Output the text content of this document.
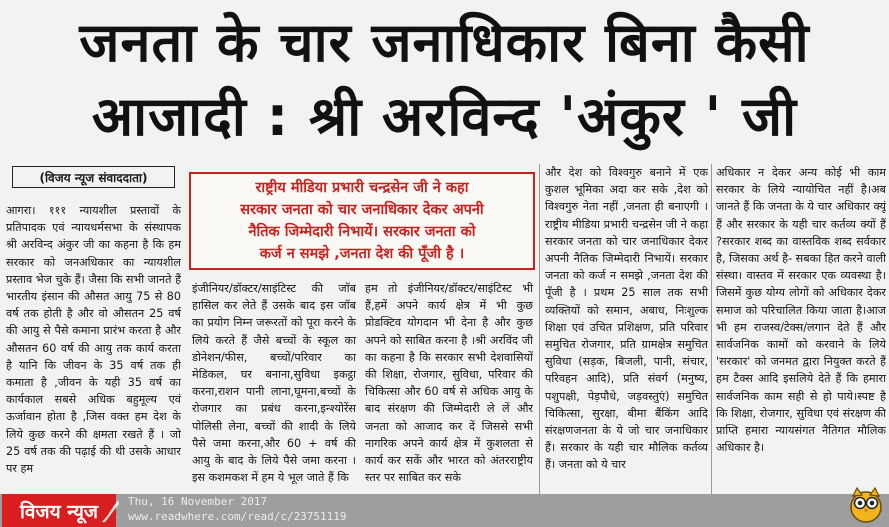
जनता के चार जनाधिकार बिना कैसी
आजादी : श्री अरविन्द 'अंकुर ' जी
(विजय न्यूज संवाददाता)
आगरा। १११ न्यायशील प्रस्तावों के प्रतिपादक एवं न्यायधर्मसभा के संस्थापक श्री अरविन्द अंकुर जी का कहना है कि हम सरकार को जनअधिकार का न्यायशील प्रस्ताव भेज चुके हैं। जैसा कि सभी जानते हैं भारतीय इंसान की औसत आयु 75 से 80 वर्ष तक होती है और वो औसतन 25 वर्ष की आयु से पैसे कमाना प्रारंभ करता है और औसतन 60 वर्ष की आयु तक कार्य करता है यानि कि जीवन के 35 वर्ष तक ही कमाता है ,जीवन के यही 35 वर्ष का कार्यकाल सबसे अधिक बहुमूल्य एवं ऊर्जावान होता है ,जिस वक्त हम देश के लिये कुछ करने की क्षमता रखते हैं । जो 25 वर्ष तक की पढ़ाई की थी उसके आधार पर हम
राष्ट्रीय मीडिया प्रभारी चन्द्रसेन जी ने कहा
सरकार जनता को चार जनाधिकार देकर अपनी
नैतिक जिम्मेदारी निभायें। सरकार जनता को
कर्ज न समझे ,जनता देश की पूँजी है ।
इंजीनियर/डॉक्टर/साइंटिस्ट की जॉब हासिल कर लेते हैं उसके बाद इस जॉब का प्रयोग निम्न जरूरतों को पूरा करने के लिये करते हैं जैसे बच्चों के स्कूल का डोनेशन/फीस, बच्चों/परिवार का मेडिकल, घर बनाना,सुविधा इकट्ठा करना,राशन पानी लाना,घूमना,बच्चों के रोजगार का प्रबंध करना,इन्श्योरेंस पोलिसी लेना, बच्चों की शादी के लिये पैसे जमा करना,और 60 + वर्ष की आयु के बाद के लिये पैसे जमा करना । इस कशमकश में हम ये भूल जाते हैं कि
हम तो इंजीनियर/डॉक्टर/साइंटिस्ट भी हैं,हमें अपने कार्य क्षेत्र में भी कुछ प्रोडक्टिव योगदान भी देना है और कुछ अपने को साबित करना है ।श्री अरविंद जी का कहना है कि सरकार सभी देशवासियों की शिक्षा, रोजगार, सुविधा, परिवार की चिकित्सा और 60 वर्ष से अधिक आयु के बाद संरक्षण की जिम्मेदारी ले लें और जनता को आजाद कर दें जिससे सभी नागरिक अपने कार्य क्षेत्र में कुशलता से कार्य कर सकें और भारत को अंतरराष्ट्रीय स्तर पर साबित कर सके
और देश को विश्वगुरु बनाने में एक कुशल भूमिका अदा कर सके ,देश को विश्वगुरु नेता नहीं ,जनता ही बनाएगी । राष्ट्रीय मीडिया प्रभारी चन्द्रसेन जी ने कहा सरकार जनता को चार जनाधिकार देकर अपनी नैतिक जिम्मेदारी निभायें। सरकार जनता को कर्ज न समझे ,जनता देश की पूँजी है । प्रथम 25 साल तक सभी व्यक्तियों को समान, अबाध, निःशुल्क शिक्षा एवं उचित प्रशिक्षण, प्रति परिवार समुचित रोजगार, प्रति ग्रामक्षेत्र समुचित सुविधा (सड़क, बिजली, पानी, संचार, परिवहन आदि), प्रति संवर्ग (मनुष्य, पशुपक्षी, पेड़पौधे, जड़वस्तुएं) समुचित चिकित्सा, सुरक्षा, बीमा बैंकिंग आदि संरक्षणजनता के ये जो चार जनाधिकार हैं। सरकार के यही चार मौलिक कर्तव्य हैं। जनता को ये चार
अधिकार न देकर अन्य कोई भी काम सरकार के लिये न्यायोचित नहीं है।अब जानते हैं कि जनता के ये चार अधिकार क्यूं हैं और सरकार के यही चार कर्तव्य क्यों हैं ?सरकार शब्द का वास्तविक शब्द सर्वकार है, जिसका अर्थ है- सबका हित करने वाली संस्था। वास्तव में सरकार एक व्यवस्था है। जिसमें कुछ योग्य लोगों को अधिकार देकर समाज को परिचालित किया जाता है।आज भी हम राजस्व/टेक्स/लगान देते हैं और सार्वजनिक कामों को करवाने के लिये 'सरकार' को जनमत द्वारा नियुक्त करते हैं हम टैक्स आदि इसलिये देते हैं कि हमारा सार्वजनिक काम सही से हो पाये।स्पष्ट है कि शिक्षा, रोजगार, सुविधा एवं संरक्षण की प्राप्ति हमारा न्यायसंगत नैतिगत मौलिक अधिकार है।
विजय न्यूज	Thu, 16 November 2017
www.readwhere.com/read/c/23751119
